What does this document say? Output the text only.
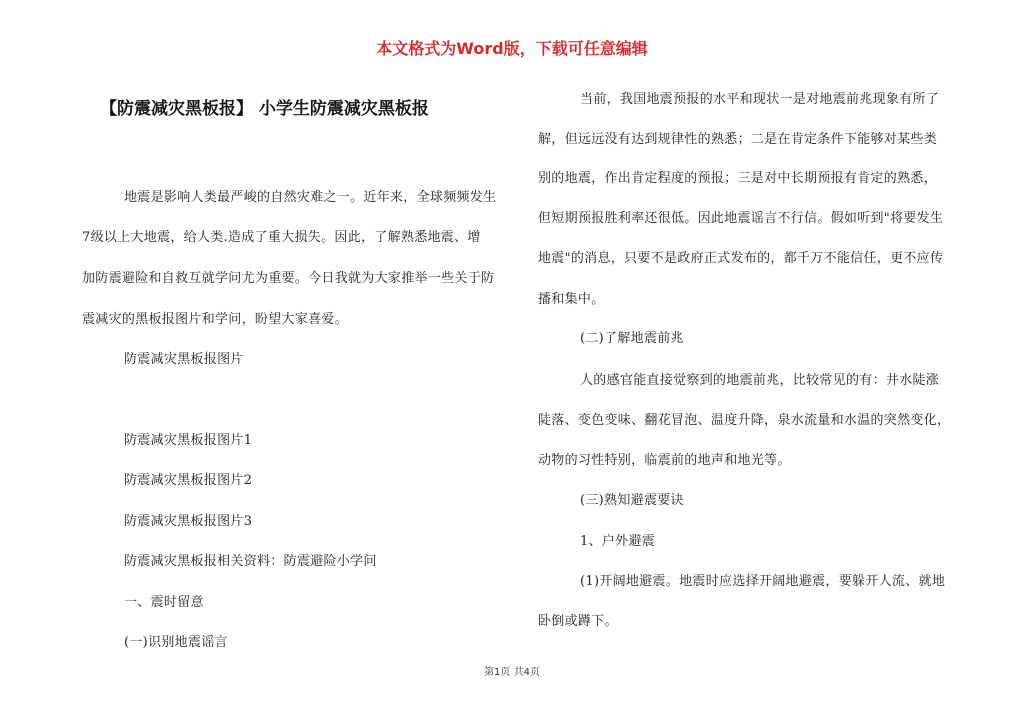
本文格式为Word版，下载可任意编辑
【防震减灾黑板报】 小学生防震减灾黑板报
地震是影响人类最严峻的自然灾难之一。近年来，全球频频发生
7级以上大地震，给人类.造成了重大损失。因此，了解熟悉地震、增
加防震避险和自救互就学问尤为重要。今日我就为大家推举一些关于防
震减灾的黑板报图片和学问，盼望大家喜爱。
防震减灾黑板报图片
防震减灾黑板报图片1
防震减灾黑板报图片2
防震减灾黑板报图片3
防震减灾黑板报相关资料：防震避险小学问
一、震时留意
(一)识别地震谣言
当前，我国地震预报的水平和现状一是对地震前兆现象有所了
解，但远远没有达到规律性的熟悉；二是在肯定条件下能够对某些类
别的地震，作出肯定程度的预报；三是对中长期预报有肯定的熟悉，
但短期预报胜利率还很低。因此地震谣言不行信。假如听到"将要发生
地震"的消息，只要不是政府正式发布的，都千万不能信任，更不应传
播和集中。
(二)了解地震前兆
人的感官能直接觉察到的地震前兆，比较常见的有：井水陡涨
陡落、变色变味、翻花冒泡、温度升降，泉水流量和水温的突然变化，
动物的习性特别，临震前的地声和地光等。
(三)熟知避震要诀
1、户外避震
(1)开阔地避震。地震时应选择开阔地避震，要躲开人流、就地
卧倒或蹲下。
第1页 共4页
